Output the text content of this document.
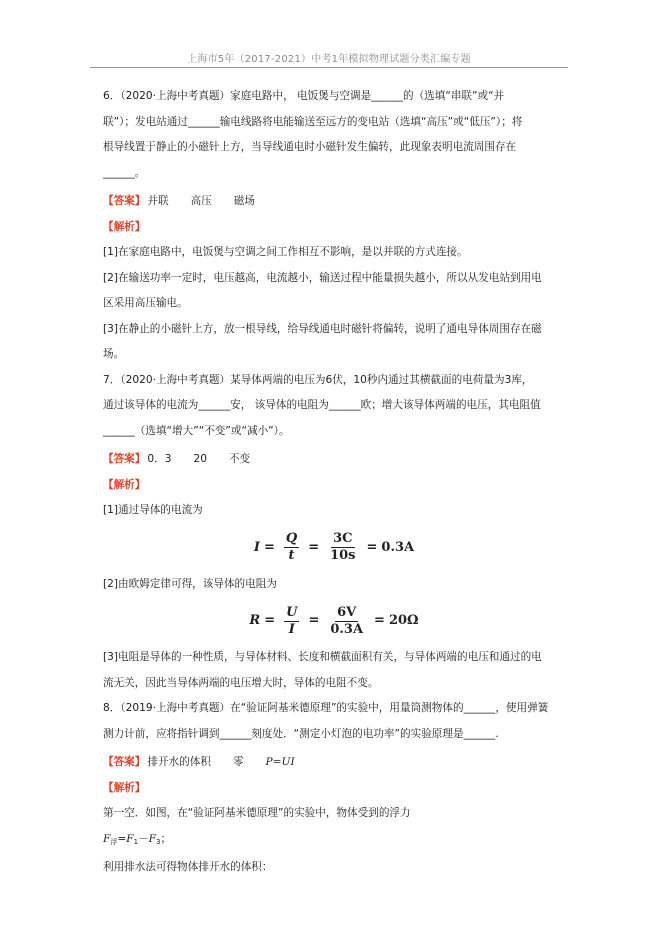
上海市5年（2017-2021）中考1年模拟物理试题分类汇编专题

6．（2020·上海中考真题）家庭电路中， 电饭煲与空调是______的（选填“串联”或“并

联”）；发电站通过______输电线路将电能输送至远方的变电站（选填“高压”或“低压”）；将

根导线置于静止的小磁针上方，当导线通电时小磁针发生偏转，此现象表明电流周围存在

______。

【答案】 并联 高压 磁场

【解析】

[1]在家庭电路中，电饭煲与空调之间工作相互不影响，是以并联的方式连接。

[2]在输送功率一定时，电压越高，电流越小，输送过程中能量损失越小，所以从发电站到用电

区采用高压输电。

[3]在静止的小磁针上方，放一根导线，给导线通电时磁针将偏转，说明了通电导体周围存在磁

场。

7．（2020·上海中考真题）某导体两端的电压为6伏，10秒内通过其横截面的电荷量为3库，

通过该导体的电流为______安， 该导体的电阻为______欧；增大该导体两端的电压，其电阻值

______（选填“增大”“不变”或“减小”）。

【答案】 0．3 20 不变

【解析】

[1]通过导体的电流为

$I = \frac{Q}{t} = \frac{3C}{10s} = 0.3A$

[2]由欧姆定律可得，该导体的电阻为

$R = \frac{U}{I} = \frac{6V}{0.3A} = 20\Omega$

[3]电阻是导体的一种性质，与导体材料、长度和横截面积有关，与导体两端的电压和通过的电

流无关，因此当导体两端的电压增大时，导体的电阻不变。

8．（2019·上海中考真题）在“验证阿基米德原理”的实验中，用量筒测物体的______，使用弹簧

测力计前，应将指针调到______刻度处．“测定小灯泡的电功率”的实验原理是______.

【答案】 排开水的体积 零 P=UI

【解析】

第一空．如图，在“验证阿基米德原理”的实验中，物体受到的浮力

$F_浮=F_1-F_3$；

利用排水法可得物体排开水的体积：
